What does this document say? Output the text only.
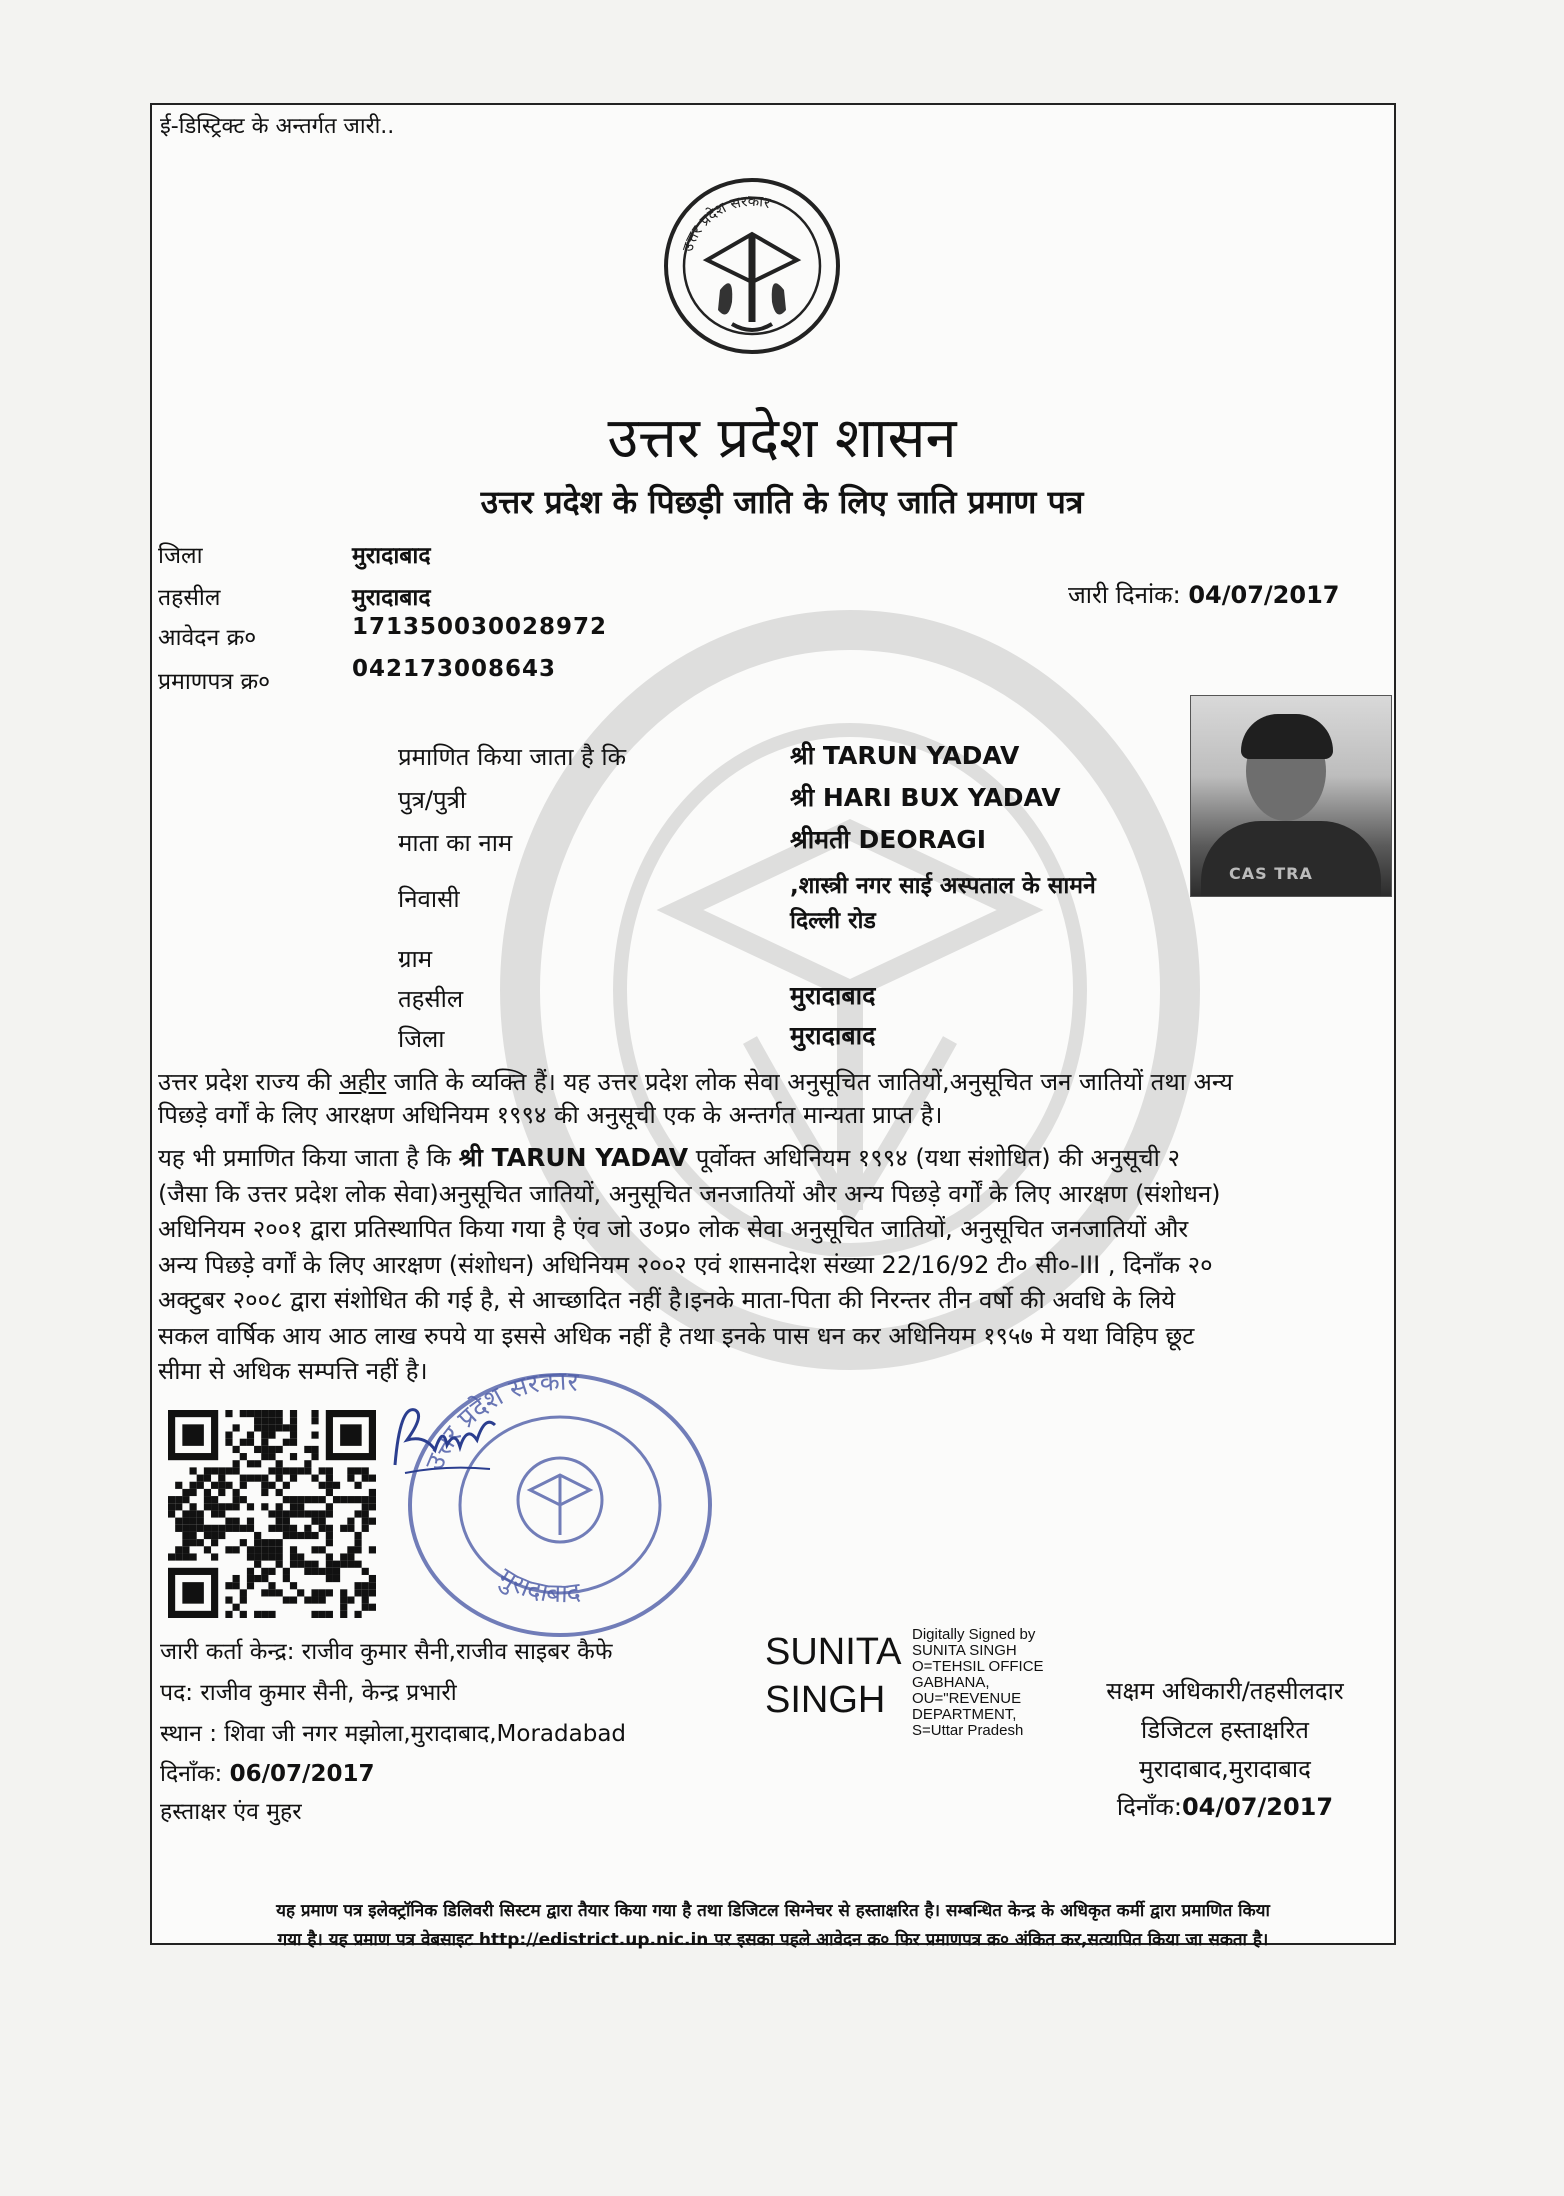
ई-डिस्ट्रिक्ट के अन्तर्गत जारी..
उत्तर प्रदेश सरकार
उत्तर प्रदेश शासन
उत्तर प्रदेश के पिछड़ी जाति के लिए जाति प्रमाण पत्र
जिला	मुरादाबाद
तहसील	मुरादाबाद
आवेदन क्र०	171350030028972
प्रमाणपत्र क्र०	042173008643
जारी दिनांक: 04/07/2017
CAS TRA
प्रमाणित किया जाता है कि	श्री TARUN YADAV
पुत्र/पुत्री	श्री HARI BUX YADAV
माता का नाम	श्रीमती DEORAGI
निवासी	,शास्त्री नगर साई अस्पताल के सामने
दिल्ली रोड
ग्राम
तहसील	मुरादाबाद
जिला	मुरादाबाद
उत्तर प्रदेश राज्य की अहीर जाति के व्यक्ति हैं। यह उत्तर प्रदेश लोक सेवा अनुसूचित जातियों,अनुसूचित जन जातियों तथा अन्य
पिछड़े वर्गों के लिए आरक्षण अधिनियम १९९४ की अनुसूची एक के अन्तर्गत मान्यता प्राप्त है।
यह भी प्रमाणित किया जाता है कि श्री TARUN YADAV पूर्वोक्त अधिनियम १९९४ (यथा संशोधित) की अनुसूची २
(जैसा कि उत्तर प्रदेश लोक सेवा)अनुसूचित जातियों, अनुसूचित जनजातियों और अन्य पिछड़े वर्गों के लिए आरक्षण (संशोधन)
अधिनियम २००१ द्वारा प्रतिस्थापित किया गया है एंव जो उ०प्र० लोक सेवा अनुसूचित जातियों, अनुसूचित जनजातियों और
अन्य पिछड़े वर्गों के लिए आरक्षण (संशोधन) अधिनियम २००२ एवं शासनादेश संख्या 22/16/92 टी० सी०-III , दिनाँक २०
अक्टुबर २००८ द्वारा संशोधित की गई है, से आच्छादित नहीं है।इनके माता-पिता की निरन्तर तीन वर्षो की अवधि के लिये
सकल वार्षिक आय आठ लाख रुपये या इससे अधिक नहीं है तथा इनके पास धन कर अधिनियम १९५७ मे यथा विहिप छूट
सीमा से अधिक सम्पत्ति नहीं है।
उत्तर प्रदेश सरकार
मुरादाबाद
जारी कर्ता केन्द्र: राजीव कुमार सैनी,राजीव साइबर कैफे
पद: राजीव कुमार सैनी, केन्द्र प्रभारी
स्थान : शिवा जी नगर मझोला,मुरादाबाद,Moradabad
दिनाँक: 06/07/2017
हस्ताक्षर एंव मुहर
SUNITA
SINGH
Digitally Signed by
SUNITA SINGH
O=TEHSIL OFFICE
GABHANA,
OU="REVENUE
DEPARTMENT,
S=Uttar Pradesh
सक्षम अधिकारी/तहसीलदार
डिजिटल हस्ताक्षरित
मुरादाबाद,मुरादाबाद
दिनाँक:04/07/2017
यह प्रमाण पत्र इलेक्ट्रॉनिक डिलिवरी सिस्टम द्वारा तैयार किया गया है तथा डिजिटल सिग्नेचर से हस्ताक्षरित है। सम्बन्धित केन्द्र के अधिकृत कर्मी द्वारा प्रमाणित किया
गया है। यह प्रमाण पत्र वेबसाइट http://edistrict.up.nic.in पर इसका पहले आवेदन क्र० फिर प्रमाणपत्र क्र० अंकित कर,सत्यापित किया जा सकता है।
